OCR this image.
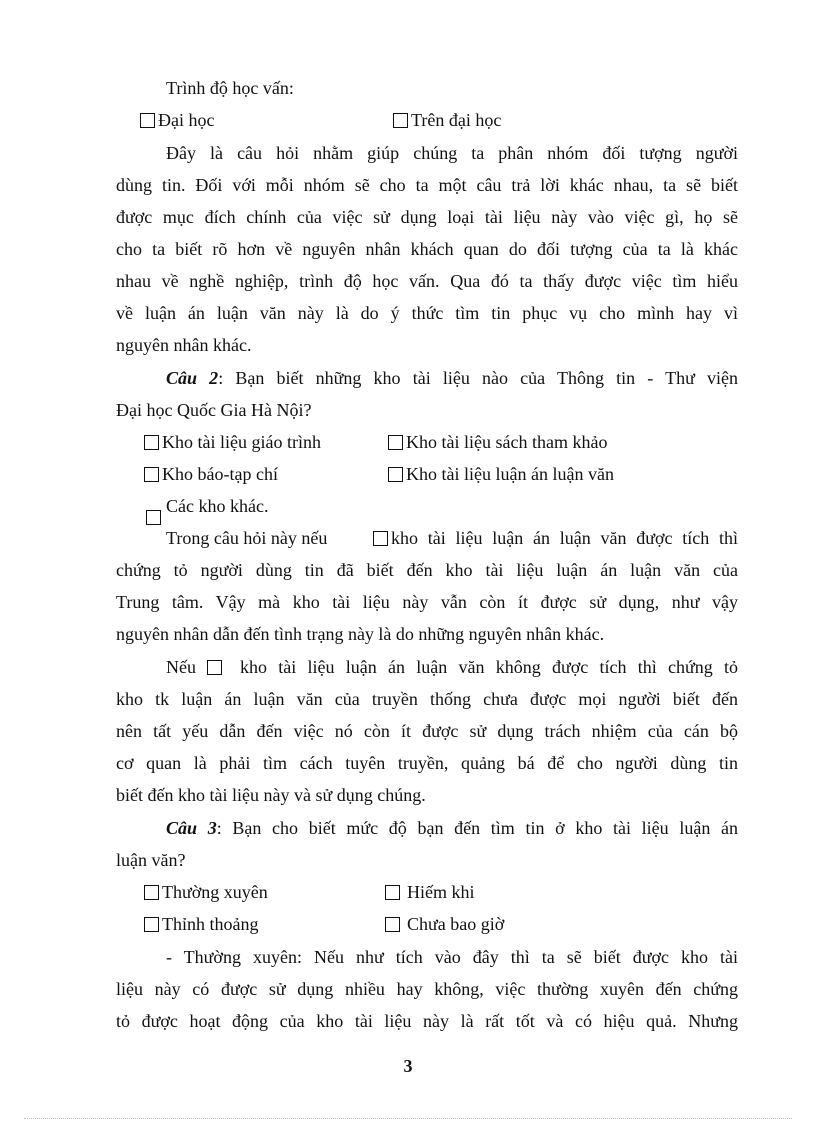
Trình độ học vấn:
Đại học	Trên đại học
Đây là câu hỏi nhằm giúp chúng ta phân nhóm đối tượng người
dùng tin. Đối với mỗi nhóm sẽ cho ta một câu trả lời khác nhau, ta sẽ biết
được mục đích chính của việc sử dụng loại tài liệu này vào việc gì, họ sẽ
cho ta biết rõ hơn về nguyên nhân khách quan do đối tượng của ta là khác
nhau về nghề nghiệp, trình độ học vấn. Qua đó ta thấy được việc tìm hiểu
về luận án luận văn này là do ý thức tìm tin phục vụ cho mình hay vì
nguyên nhân khác.
Câu 2: Bạn biết những kho tài liệu nào của Thông tin - Thư viện
Đại học Quốc Gia Hà Nội?
Kho tài liệu giáo trình	Kho tài liệu sách tham khảo
Kho báo-tạp chí	Kho tài liệu luận án luận văn
Các kho khác.
Trong câu hỏi này nếu	kho tài liệu luận án luận văn được tích thì
chứng tỏ người dùng tin đã biết đến kho tài liệu luận án luận văn của
Trung tâm. Vậy mà kho tài liệu này vẫn còn ít được sử dụng, như vậy
nguyên nhân dẫn đến tình trạng này là do những nguyên nhân khác.
Nếu kho tài liệu luận án luận văn không được tích thì chứng tỏ
kho tk luận án luận văn của truyền thống chưa được mọi người biết đến
nên tất yếu dẫn đến việc nó còn ít được sử dụng trách nhiệm của cán bộ
cơ quan là phải tìm cách tuyên truyền, quảng bá để cho người dùng tin
biết đến kho tài liệu này và sử dụng chúng.
Câu 3: Bạn cho biết mức độ bạn đến tìm tin ở kho tài liệu luận án
luận văn?
Thường xuyên	Hiếm khi
Thỉnh thoảng	Chưa bao giờ
- Thường xuyên: Nếu như tích vào đây thì ta sẽ biết được kho tài
liệu này có được sử dụng nhiều hay không, việc thường xuyên đến chứng
tỏ được hoạt động của kho tài liệu này là rất tốt và có hiệu quả. Nhưng
3
